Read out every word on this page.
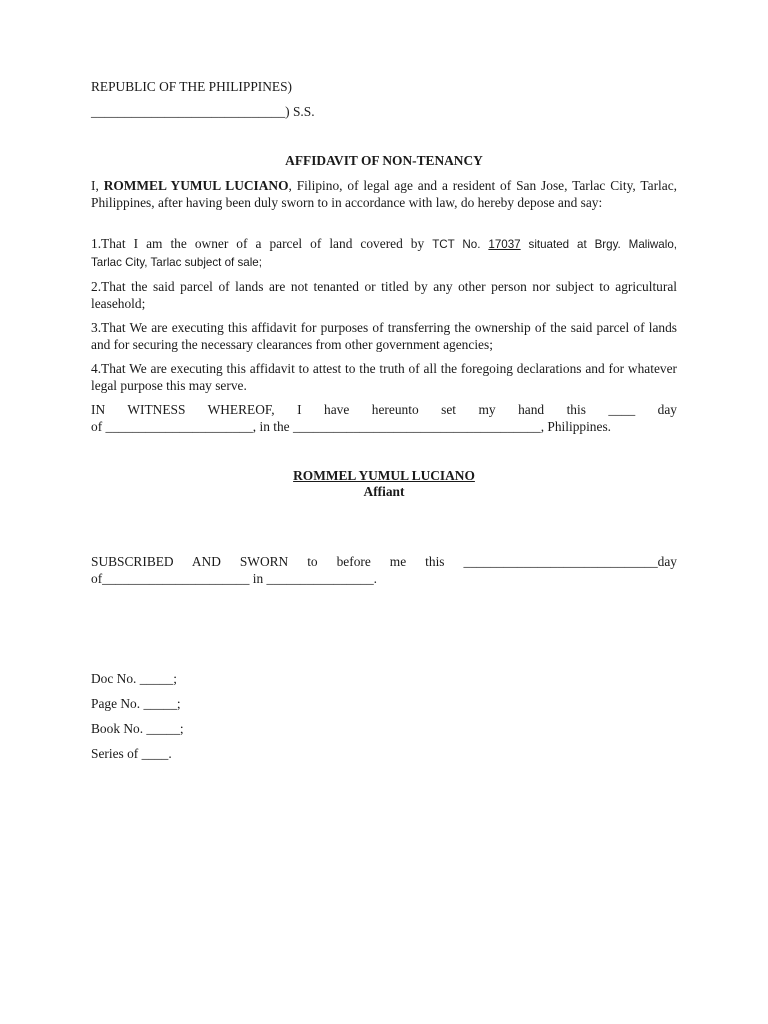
REPUBLIC OF THE PHILIPPINES)
_____________________________) S.S.
AFFIDAVIT OF NON-TENANCY
I, ROMMEL YUMUL LUCIANO, Filipino, of legal age and a resident of San Jose, Tarlac City, Tarlac, Philippines, after having been duly sworn to in accordance with law, do hereby depose and say:
1.That I am the owner of a parcel of land covered by TCT No. 17037 situated at Brgy. Maliwalo,
Tarlac City, Tarlac subject of sale;
2.That the said parcel of lands are not tenanted or titled by any other person nor subject to agricultural leasehold;
3.That We are executing this affidavit for purposes of transferring the ownership of the said parcel of lands and for securing the necessary clearances from other government agencies;
4.That We are executing this affidavit to attest to the truth of all the foregoing declarations and for whatever legal purpose this may serve.
IN WITNESS WHEREOF, I have hereunto set my hand this ____ day
of ______________________, in the _____________________________________, Philippines.
ROMMEL YUMUL LUCIANO
Affiant
SUBSCRIBED AND SWORN to before me this _____________________________day
of______________________ in ________________.
Doc No. _____;
Page No. _____;
Book No. _____;
Series of ____.
